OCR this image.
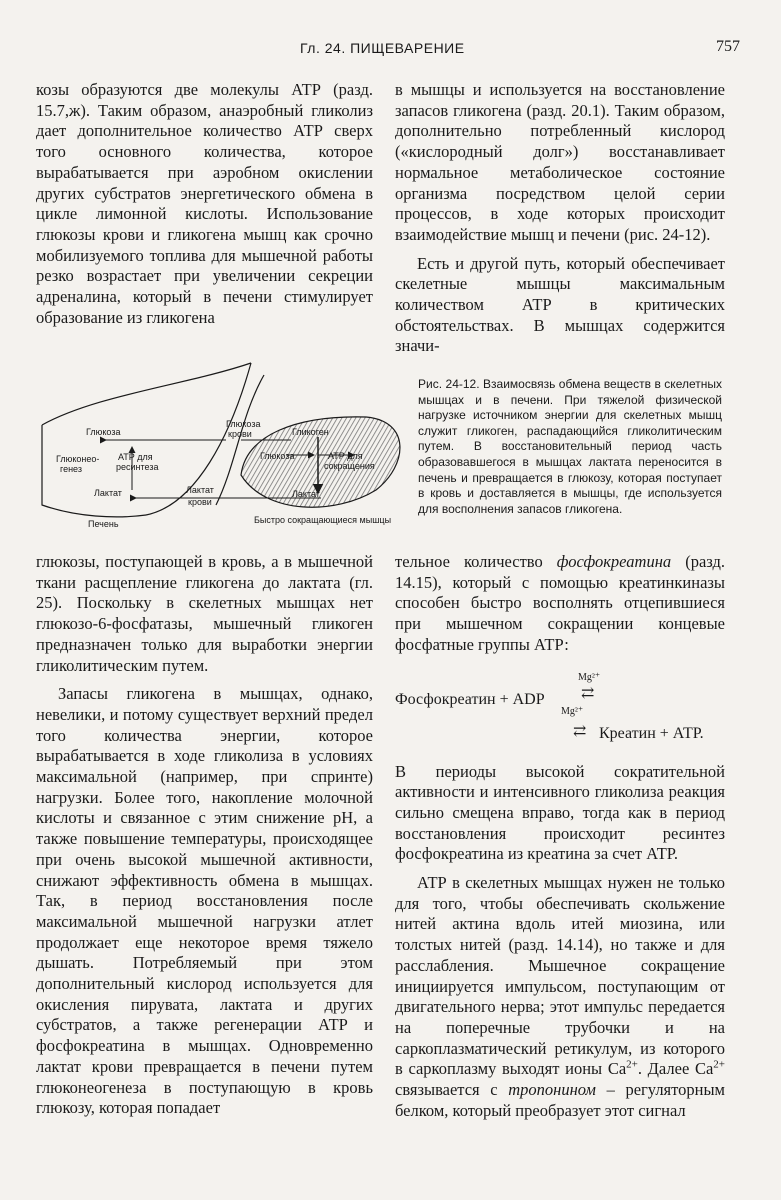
Гл. 24. ПИЩЕВАРЕНИЕ	757

козы образуются две молекулы АТР (разд. 15.7,ж). Таким образом, анаэробный гликолиз дает дополнительное количество АТР сверх того основного количества, которое вырабатывается при аэробном окислении других субстратов энергетического обмена в цикле лимонной кислоты. Использование глюкозы крови и гликогена мышц как срочно мобилизуемого топлива для мышечной работы резко возрастает при увеличении секреции адреналина, который в печени стимулирует образование из гликогена

в мышцы и используется на восстановление запасов гликогена (разд. 20.1). Таким образом, дополнительно потребленный кислород («кислородный долг») восстанавливает нормальное метаболическое состояние организма посредством целой серии процессов, в ходе которых происходит взаимодействие мышц и печени (рис. 24-12).

Есть и другой путь, который обеспечивает скелетные мышцы максимальным количеством АТР в критических обстоятельствах. В мышцах содержится значи-

Глюкоза
Глюконео-
генез
АТР для
ресинтеза
Лактат
Печень
Глюкоза
крови
Лактат
крови
Гликоген
Глюкоза	АТР для
сокращения
Лактат
Быстро сокращающиеся мышцы
Рис. 24-12. Взаимосвязь обмена веществ в скелетных мышцах и в печени. При тяжелой физической нагрузке источником энергии для скелетных мышц служит гликоген, распадающийся гликолитическим путем. В восстановительный период часть образовавшегося в мышцах лактата переносится в печень и превращается в глюкозу, которая поступает в кровь и доставляется в мышцы, где используется для восполнения запасов гликогена.

глюкозы, поступающей в кровь, а в мышечной ткани расщепление гликогена до лактата (гл. 25). Поскольку в скелетных мышцах нет глюкозо-6-фосфатазы, мышечный гликоген предназначен только для выработки энергии гликолитическим путем.

Запасы гликогена в мышцах, однако, невелики, и потому существует верхний предел того количества энергии, которое вырабатывается в ходе гликолиза в условиях максимальной (например, при спринте) нагрузки. Более того, накопление молочной кислоты и связанное с этим снижение pH, а также повышение температуры, происходящее при очень высокой мышечной активности, снижают эффективность обмена в мышцах. Так, в период восстановления после максимальной мышечной нагрузки атлет продолжает еще некоторое время тяжело дышать. Потребляемый при этом дополнительный кислород используется для окисления пирувата, лактата и других субстратов, а также регенерации АТР и фосфокреатина в мышцах. Одновременно лактат крови превращается в печени путем глюконеогенеза в поступающую в кровь глюкозу, которая попадает

тельное количество фосфокреатина (разд. 14.15), который с помощью креатинкиназы способен быстро восполнять отцепившиеся при мышечном сокращении концевые фосфатные группы АТР:

Фосфокреатин + ADP
Mg²⁺
⇄
Mg²⁺
⇄ Креатин + АТР.

В периоды высокой сократительной активности и интенсивного гликолиза реакция сильно смещена вправо, тогда как в период восстановления происходит ресинтез фосфокреатина из креатина за счет АТР.

АТР в скелетных мышцах нужен не только для того, чтобы обеспечивать скольжение нитей актина вдоль итей миозина, или толстых нитей (разд. 14.14), но также и для расслабления. Мышечное сокращение инициируется импульсом, поступающим от двигательного нерва; этот импульс передается на поперечные трубочки и на саркоплазматический ретикулум, из которого в саркоплазму выходят ионы $Ca^{2+}$. Далее $Ca^{2+}$ связывается с тропонином – регуляторным белком, который преобразует этот сигнал
